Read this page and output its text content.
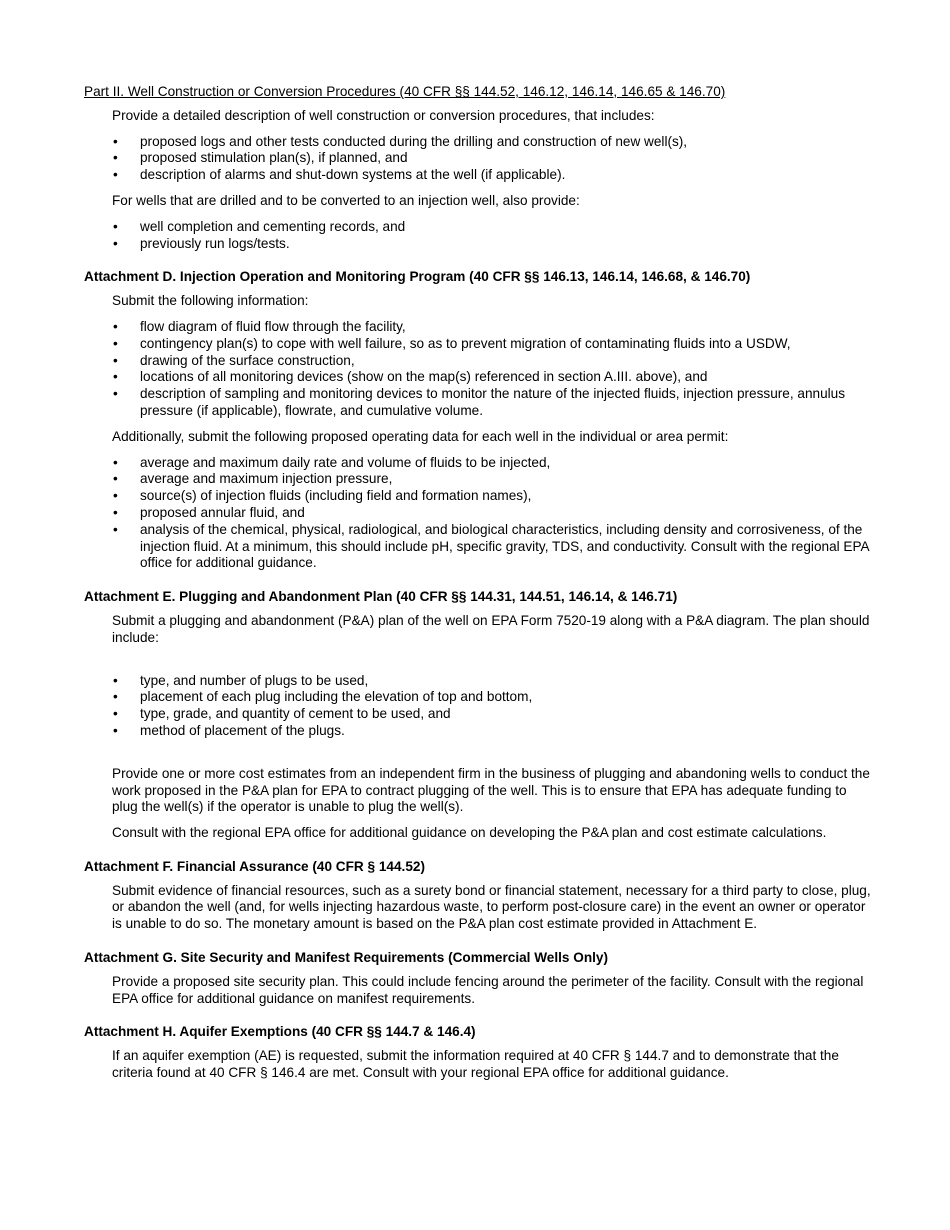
Part II. Well Construction or Conversion Procedures (40 CFR §§ 144.52, 146.12, 146.14, 146.65 & 146.70)

Provide a detailed description of well construction or conversion procedures, that includes:

• proposed logs and other tests conducted during the drilling and construction of new well(s),
• proposed stimulation plan(s), if planned, and
• description of alarms and shut-down systems at the well (if applicable).

For wells that are drilled and to be converted to an injection well, also provide:

• well completion and cementing records, and
• previously run logs/tests.
Attachment D. Injection Operation and Monitoring Program (40 CFR §§ 146.13, 146.14, 146.68, & 146.70)

Submit the following information:

• flow diagram of fluid flow through the facility,
• contingency plan(s) to cope with well failure, so as to prevent migration of contaminating fluids into a USDW,
• drawing of the surface construction,
• locations of all monitoring devices (show on the map(s) referenced in section A.III. above), and
• description of sampling and monitoring devices to monitor the nature of the injected fluids, injection pressure, annulus pressure (if applicable), flowrate, and cumulative volume.

Additionally, submit the following proposed operating data for each well in the individual or area permit:

• average and maximum daily rate and volume of fluids to be injected,
• average and maximum injection pressure,
• source(s) of injection fluids (including field and formation names),
• proposed annular fluid, and
• analysis of the chemical, physical, radiological, and biological characteristics, including density and corrosiveness, of the injection fluid. At a minimum, this should include pH, specific gravity, TDS, and conductivity. Consult with the regional EPA office for additional guidance.
Attachment E. Plugging and Abandonment Plan (40 CFR §§ 144.31, 144.51, 146.14, & 146.71)

Submit a plugging and abandonment (P&A) plan of the well on EPA Form 7520-19 along with a P&A diagram. The plan should include:

• type, and number of plugs to be used,
• placement of each plug including the elevation of top and bottom,
• type, grade, and quantity of cement to be used, and
• method of placement of the plugs.

Provide one or more cost estimates from an independent firm in the business of plugging and abandoning wells to conduct the work proposed in the P&A plan for EPA to contract plugging of the well. This is to ensure that EPA has adequate funding to plug the well(s) if the operator is unable to plug the well(s).

Consult with the regional EPA office for additional guidance on developing the P&A plan and cost estimate calculations.

Attachment F. Financial Assurance (40 CFR § 144.52)

Submit evidence of financial resources, such as a surety bond or financial statement, necessary for a third party to close, plug, or abandon the well (and, for wells injecting hazardous waste, to perform post-closure care) in the event an owner or operator is unable to do so. The monetary amount is based on the P&A plan cost estimate provided in Attachment E.

Attachment G. Site Security and Manifest Requirements (Commercial Wells Only)

Provide a proposed site security plan. This could include fencing around the perimeter of the facility. Consult with the regional EPA office for additional guidance on manifest requirements.

Attachment H. Aquifer Exemptions (40 CFR §§ 144.7 & 146.4)

If an aquifer exemption (AE) is requested, submit the information required at 40 CFR § 144.7 and to demonstrate that the criteria found at 40 CFR § 146.4 are met. Consult with your regional EPA office for additional guidance.
